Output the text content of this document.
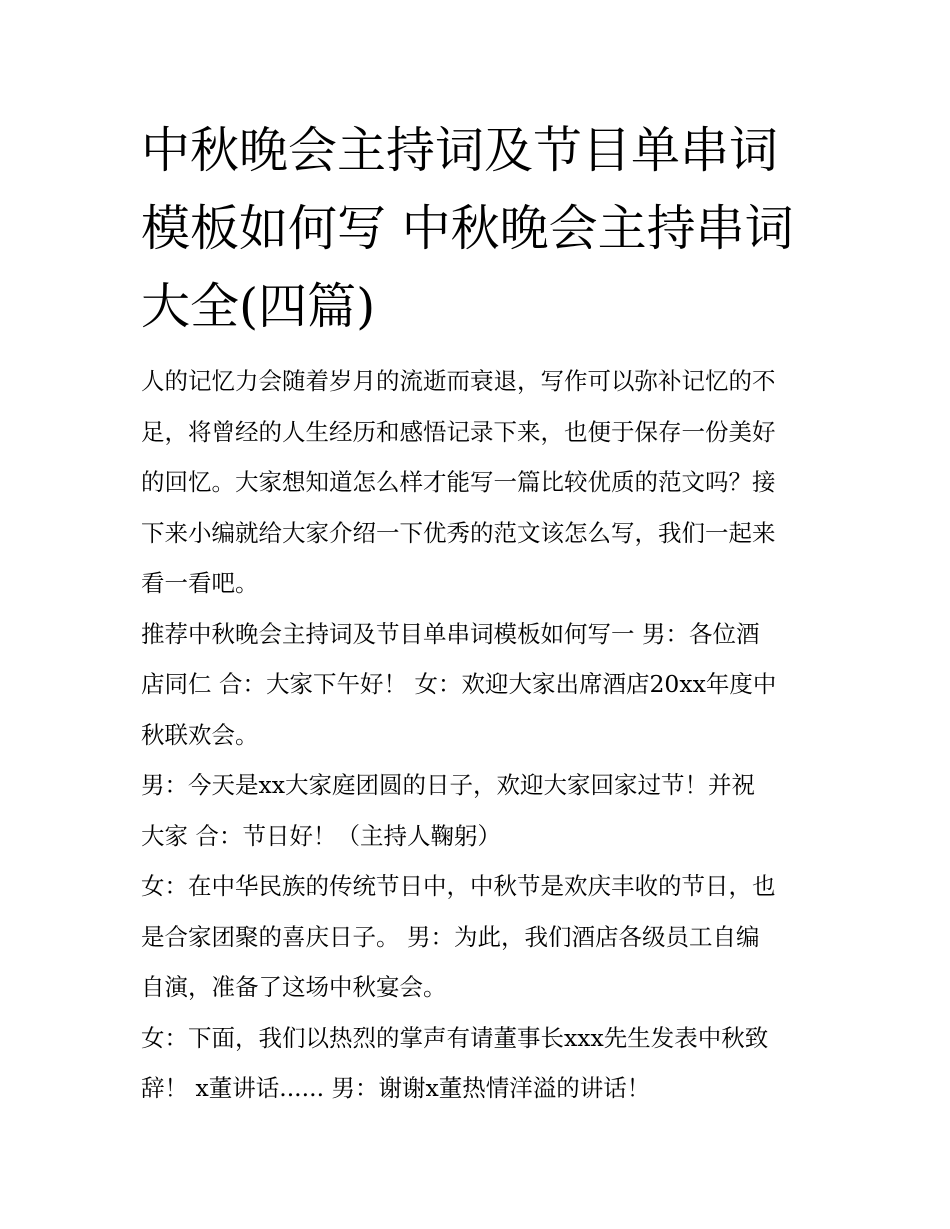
中秋晚会主持词及节目单串词
模板如何写 中秋晚会主持串词
大全(四篇)

人的记忆力会随着岁月的流逝而衰退，写作可以弥补记忆的不
足，将曾经的人生经历和感悟记录下来，也便于保存一份美好
的回忆。大家想知道怎么样才能写一篇比较优质的范文吗？接
下来小编就给大家介绍一下优秀的范文该怎么写，我们一起来
看一看吧。

推荐中秋晚会主持词及节目单串词模板如何写一 男：各位酒
店同仁 合：大家下午好！ 女：欢迎大家出席酒店20xx年度中
秋联欢会。

男：今天是xx大家庭团圆的日子，欢迎大家回家过节！并祝
大家 合：节日好！（主持人鞠躬）

女：在中华民族的传统节日中，中秋节是欢庆丰收的节日，也
是合家团聚的喜庆日子。 男：为此，我们酒店各级员工自编
自演，准备了这场中秋宴会。

女：下面，我们以热烈的掌声有请董事长xxx先生发表中秋致
辞！ x董讲话...... 男：谢谢x董热情洋溢的讲话！
